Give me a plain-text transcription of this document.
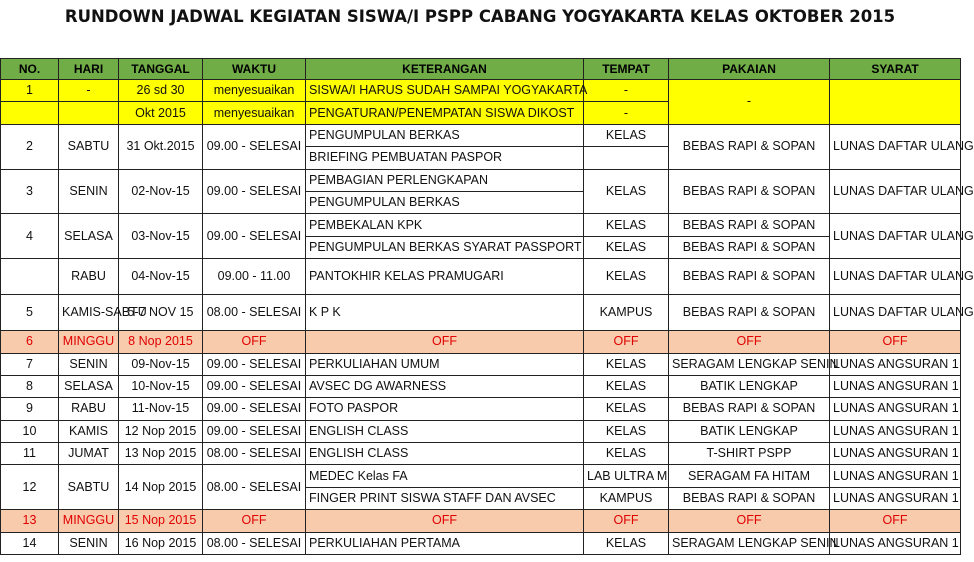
RUNDOWN JADWAL KEGIATAN SISWA/I PSPP CABANG YOGYAKARTA KELAS OKTOBER 2015
NO.	HARI	TANGGAL	WAKTU	KETERANGAN	TEMPAT	PAKAIAN	SYARAT
1	-	26 sd 30	menyesuaikan	SISWA/I HARUS SUDAH SAMPAI YOGYAKARTA	-	-	
		Okt 2015	menyesuaikan	PENGATURAN/PENEMPATAN SISWA DIKOST	-		
2	SABTU	31 Okt.2015	09.00 - SELESAI	PENGUMPULAN BERKAS	KELAS	BEBAS RAPI & SOPAN	LUNAS DAFTAR ULANG
				BRIEFING PEMBUATAN PASPOR			
3	SENIN	02-Nov-15	09.00 - SELESAI	PEMBAGIAN PERLENGKAPAN	KELAS	BEBAS RAPI & SOPAN	LUNAS DAFTAR ULANG
				PENGUMPULAN BERKAS			
4	SELASA	03-Nov-15	09.00 - SELESAI	PEMBEKALAN KPK	KELAS	BEBAS RAPI & SOPAN	LUNAS DAFTAR ULANG
				PENGUMPULAN BERKAS SYARAT PASSPORT	KELAS	BEBAS RAPI & SOPAN	
	RABU	04-Nov-15	09.00 - 11.00	PANTOKHIR KELAS PRAMUGARI	KELAS	BEBAS RAPI & SOPAN	LUNAS DAFTAR ULANG
5	KAMIS-SABTU	5-7 NOV 15	08.00 - SELESAI	K P K	KAMPUS	BEBAS RAPI & SOPAN	LUNAS DAFTAR ULANG
6	MINGGU	8 Nop 2015	OFF	OFF	OFF	OFF	OFF
7	SENIN	09-Nov-15	09.00 - SELESAI	PERKULIAHAN UMUM	KELAS	SERAGAM LENGKAP SENIN	LUNAS ANGSURAN 1
8	SELASA	10-Nov-15	09.00 - SELESAI	AVSEC DG AWARNESS	KELAS	BATIK LENGKAP	LUNAS ANGSURAN 1
9	RABU	11-Nov-15	09.00 - SELESAI	FOTO PASPOR	KELAS	BEBAS RAPI & SOPAN	LUNAS ANGSURAN 1
10	KAMIS	12 Nop 2015	09.00 - SELESAI	ENGLISH CLASS	KELAS	BATIK LENGKAP	LUNAS ANGSURAN 1
11	JUMAT	13 Nop 2015	08.00 - SELESAI	ENGLISH CLASS	KELAS	T-SHIRT PSPP	LUNAS ANGSURAN 1
12	SABTU	14 Nop 2015	08.00 - SELESAI	MEDEC Kelas FA	LAB ULTRA M	SERAGAM FA HITAM	LUNAS ANGSURAN 1
				FINGER PRINT SISWA STAFF DAN AVSEC	KAMPUS	BEBAS RAPI & SOPAN	LUNAS ANGSURAN 1
13	MINGGU	15 Nop 2015	OFF	OFF	OFF	OFF	OFF
14	SENIN	16 Nop 2015	08.00 - SELESAI	PERKULIAHAN PERTAMA	KELAS	SERAGAM LENGKAP SENIN	LUNAS ANGSURAN 1
